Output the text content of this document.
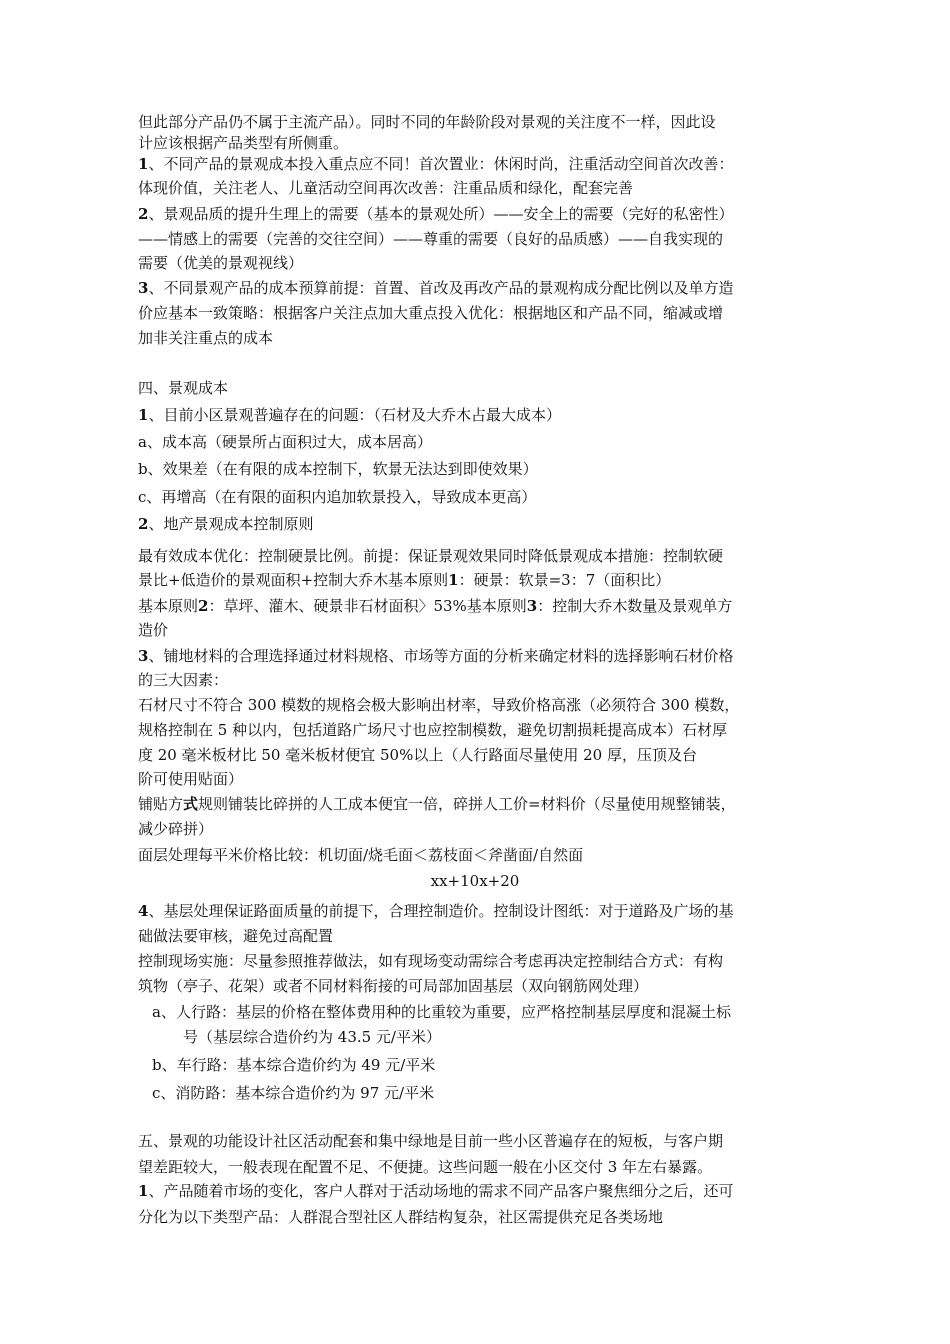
但此部分产品仍不属于主流产品）。同时不同的年龄阶段对景观的关注度不一样，因此设
计应该根据产品类型有所侧重。
1、不同产品的景观成本投入重点应不同！首次置业：休闲时尚，注重活动空间首次改善：
体现价值，关注老人、儿童活动空间再次改善：注重品质和绿化，配套完善
2、景观品质的提升生理上的需要（基本的景观处所）——安全上的需要（完好的私密性）
——情感上的需要（完善的交往空间）——尊重的需要（良好的品质感）——自我实现的
需要（优美的景观视线）
3、不同景观产品的成本预算前提：首置、首改及再改产品的景观构成分配比例以及单方造
价应基本一致策略：根据客户关注点加大重点投入优化：根据地区和产品不同，缩减或增
加非关注重点的成本
四、景观成本
1、目前小区景观普遍存在的问题：（石材及大乔木占最大成本）
a、成本高（硬景所占面积过大，成本居高）
b、效果差（在有限的成本控制下，软景无法达到即使效果）
c、再增高（在有限的面积内追加软景投入，导致成本更高）
2、地产景观成本控制原则
最有效成本优化：控制硬景比例。前提：保证景观效果同时降低景观成本措施：控制软硬
景比+低造价的景观面积+控制大乔木基本原则1：硬景：软景=3：7（面积比）
基本原则2：草坪、灌木、硬景非石材面积〉53%基本原则3：控制大乔木数量及景观单方
造价
3、铺地材料的合理选择通过材料规格、市场等方面的分析来确定材料的选择影响石材价格
的三大因素：
石材尺寸不符合 300 模数的规格会极大影响出材率，导致价格高涨（必须符合 300 模数，
规格控制在 5 种以内，包括道路广场尺寸也应控制模数，避免切割损耗提高成本）石材厚
度 20 毫米板材比 50 毫米板材便宜 50%以上（人行路面尽量使用 20 厚，压顶及台
阶可使用贴面）
铺贴方式规则铺装比碎拼的人工成本便宜一倍，碎拼人工价=材料价（尽量使用规整铺装，
减少碎拼）
面层处理每平米价格比较：机切面/烧毛面＜荔枝面＜斧凿面/自然面
xx+10x+20
4、基层处理保证路面质量的前提下，合理控制造价。控制设计图纸：对于道路及广场的基
础做法要审核，避免过高配置
控制现场实施：尽量参照推荐做法，如有现场变动需综合考虑再决定控制结合方式：有构
筑物（亭子、花架）或者不同材料衔接的可局部加固基层（双向钢筋网处理）
a、人行路：基层的价格在整体费用种的比重较为重要，应严格控制基层厚度和混凝土标
号（基层综合造价约为 43.5 元/平米）
b、车行路：基本综合造价约为 49 元/平米
c、消防路：基本综合造价约为 97 元/平米
五、景观的功能设计社区活动配套和集中绿地是目前一些小区普遍存在的短板，与客户期
望差距较大，一般表现在配置不足、不便捷。这些问题一般在小区交付 3 年左右暴露。
1、产品随着市场的变化，客户人群对于活动场地的需求不同产品客户聚焦细分之后，还可
分化为以下类型产品：人群混合型社区人群结构复杂，社区需提供充足各类场地
